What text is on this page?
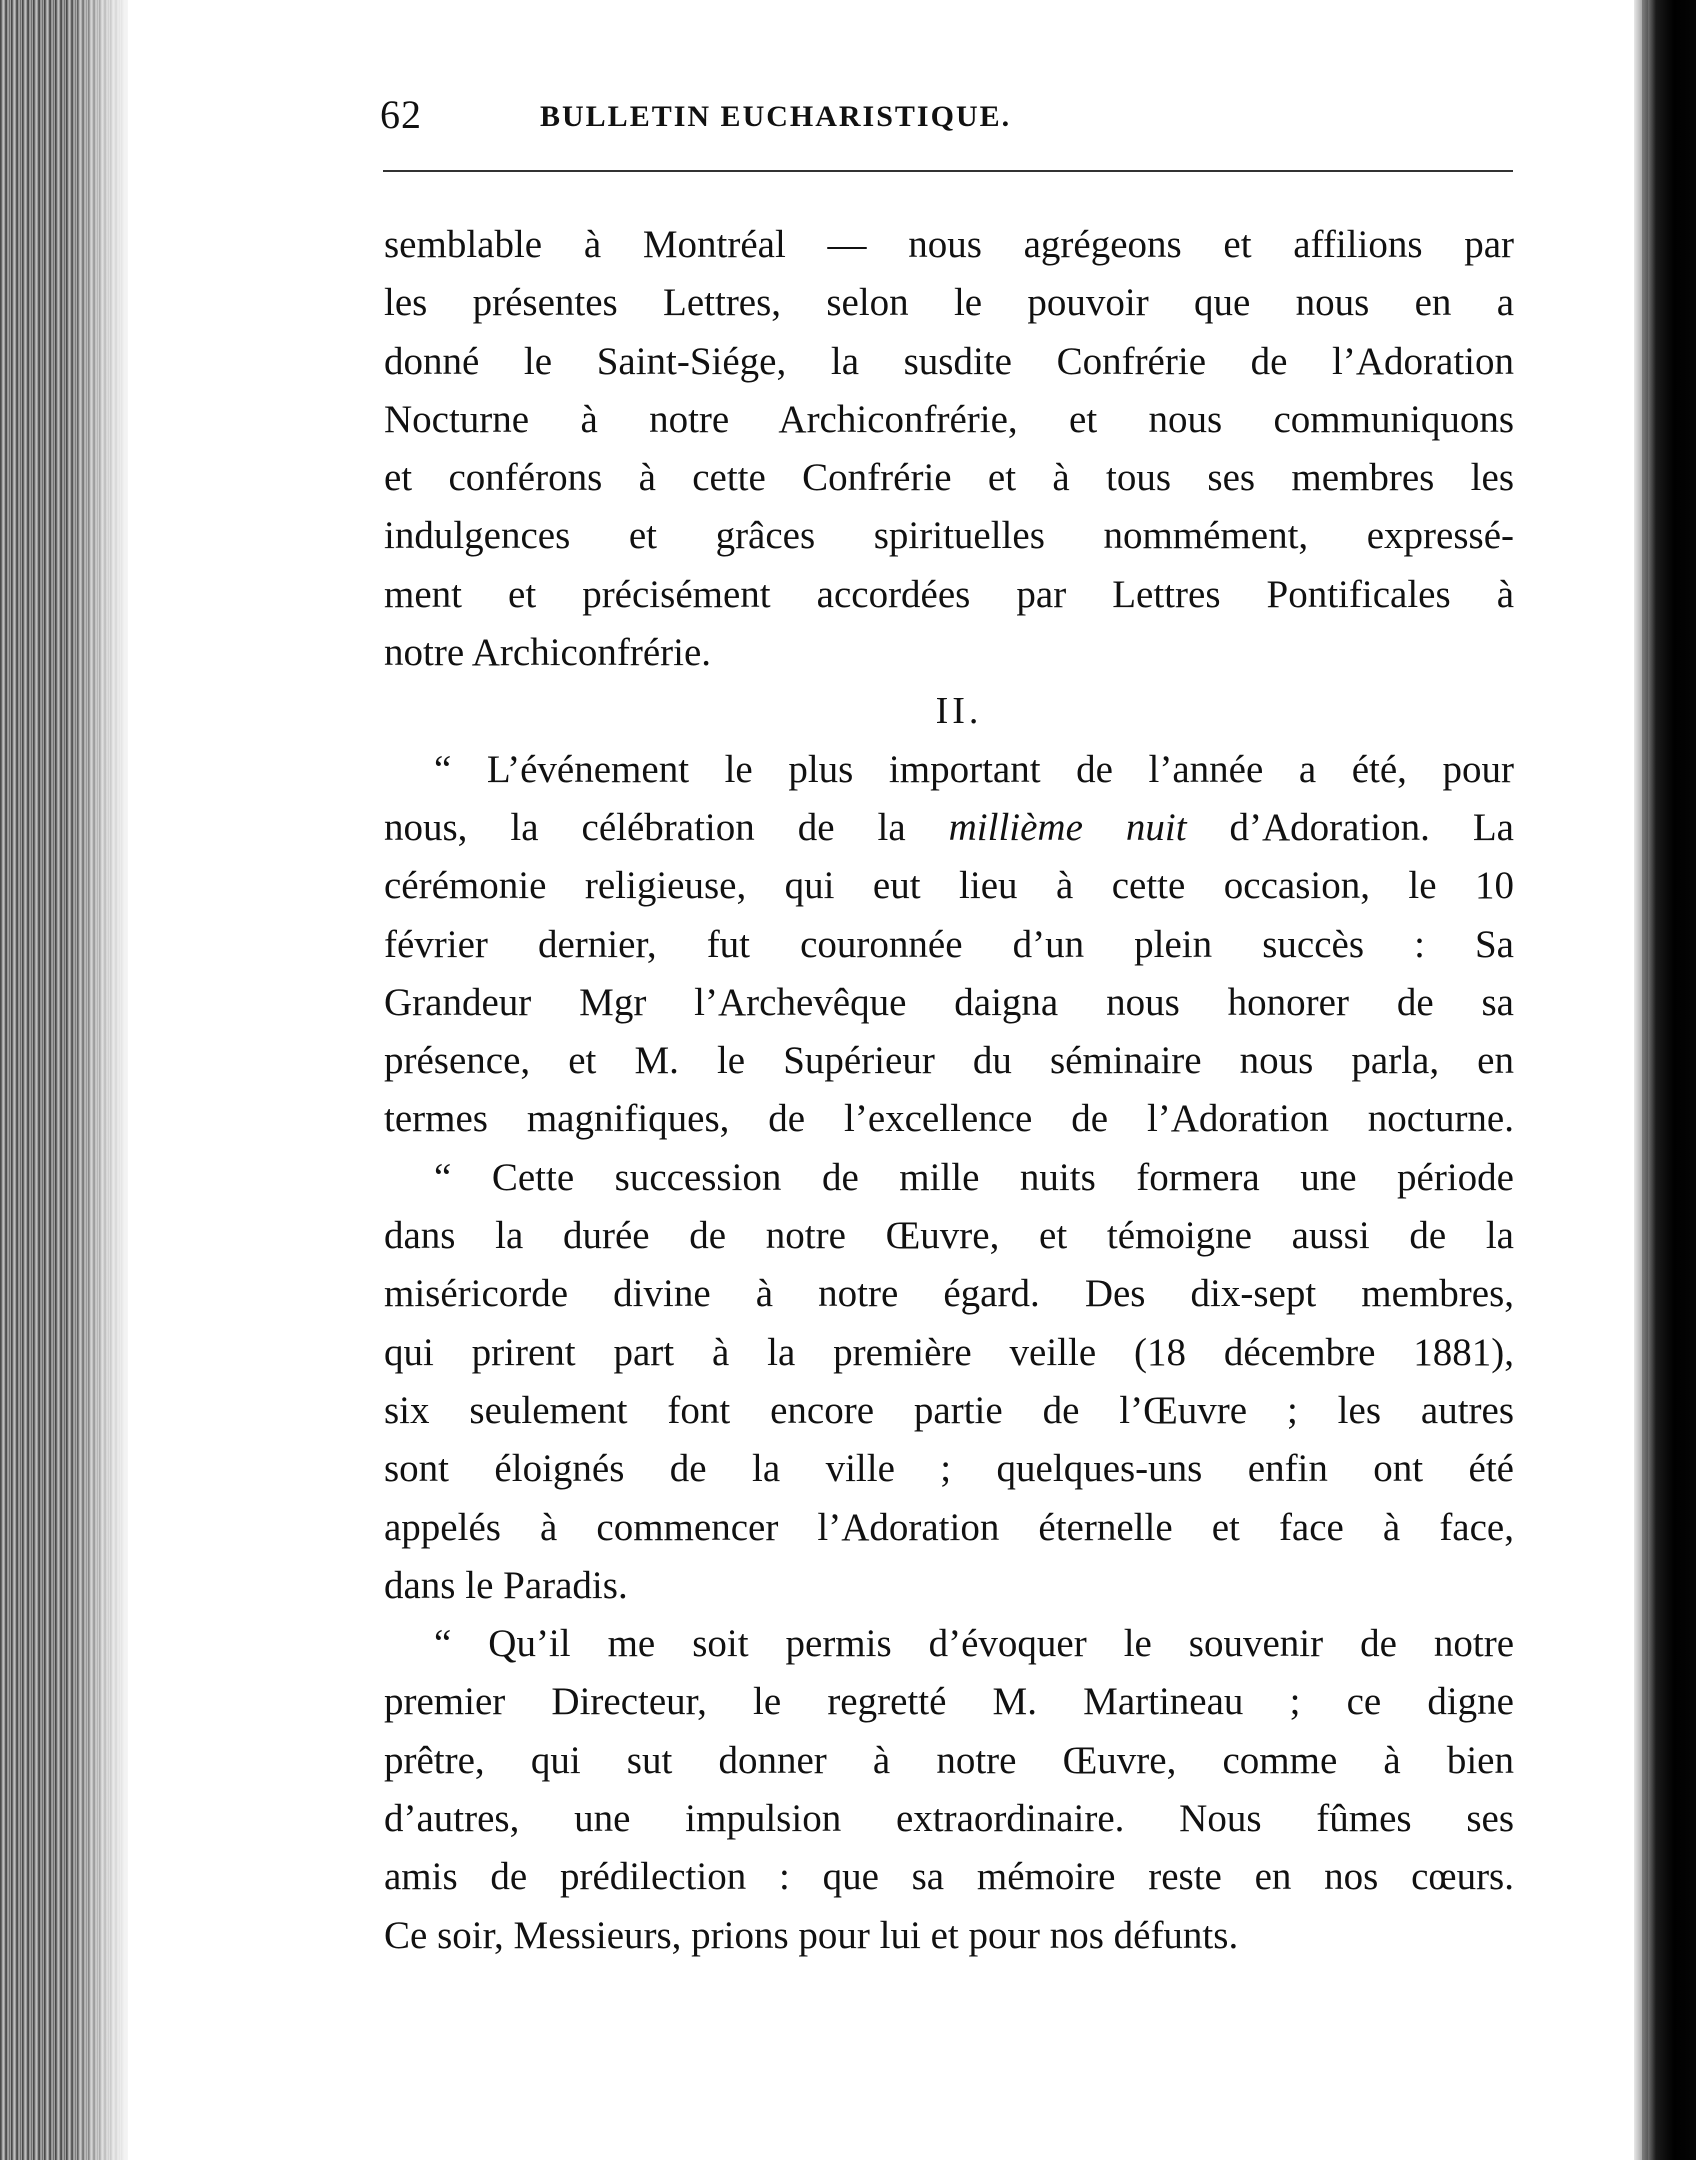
62	BULLETIN EUCHARISTIQUE.
semblable à Montréal — nous agrégeons et affilions par
les présentes Lettres, selon le pouvoir que nous en a
donné le Saint-Siége, la susdite Confrérie de l’Adoration
Nocturne à notre Archiconfrérie, et nous communiquons
et conférons à cette Confrérie et à tous ses membres les
indulgences et grâces spirituelles nommément, expressé-
ment et précisément accordées par Lettres Pontificales à
notre Archiconfrérie.
II.
“ L’événement le plus important de l’année a été, pour
nous, la célébration de la millième nuit d’Adoration. La
cérémonie religieuse, qui eut lieu à cette occasion, le 10
février dernier, fut couronnée d’un plein succès : Sa
Grandeur Mgr l’Archevêque daigna nous honorer de sa
présence, et M. le Supérieur du séminaire nous parla, en
termes magnifiques, de l’excellence de l’Adoration nocturne.
“ Cette succession de mille nuits formera une période
dans la durée de notre Œuvre, et témoigne aussi de la
miséricorde divine à notre égard. Des dix-sept membres,
qui prirent part à la première veille (18 décembre 1881),
six seulement font encore partie de l’Œuvre ; les autres
sont éloignés de la ville ; quelques-uns enfin ont été
appelés à commencer l’Adoration éternelle et face à face,
dans le Paradis.
“ Qu’il me soit permis d’évoquer le souvenir de notre
premier Directeur, le regretté M. Martineau ; ce digne
prêtre, qui sut donner à notre Œuvre, comme à bien
d’autres, une impulsion extraordinaire. Nous fûmes ses
amis de prédilection : que sa mémoire reste en nos cœurs.
Ce soir, Messieurs, prions pour lui et pour nos défunts.
